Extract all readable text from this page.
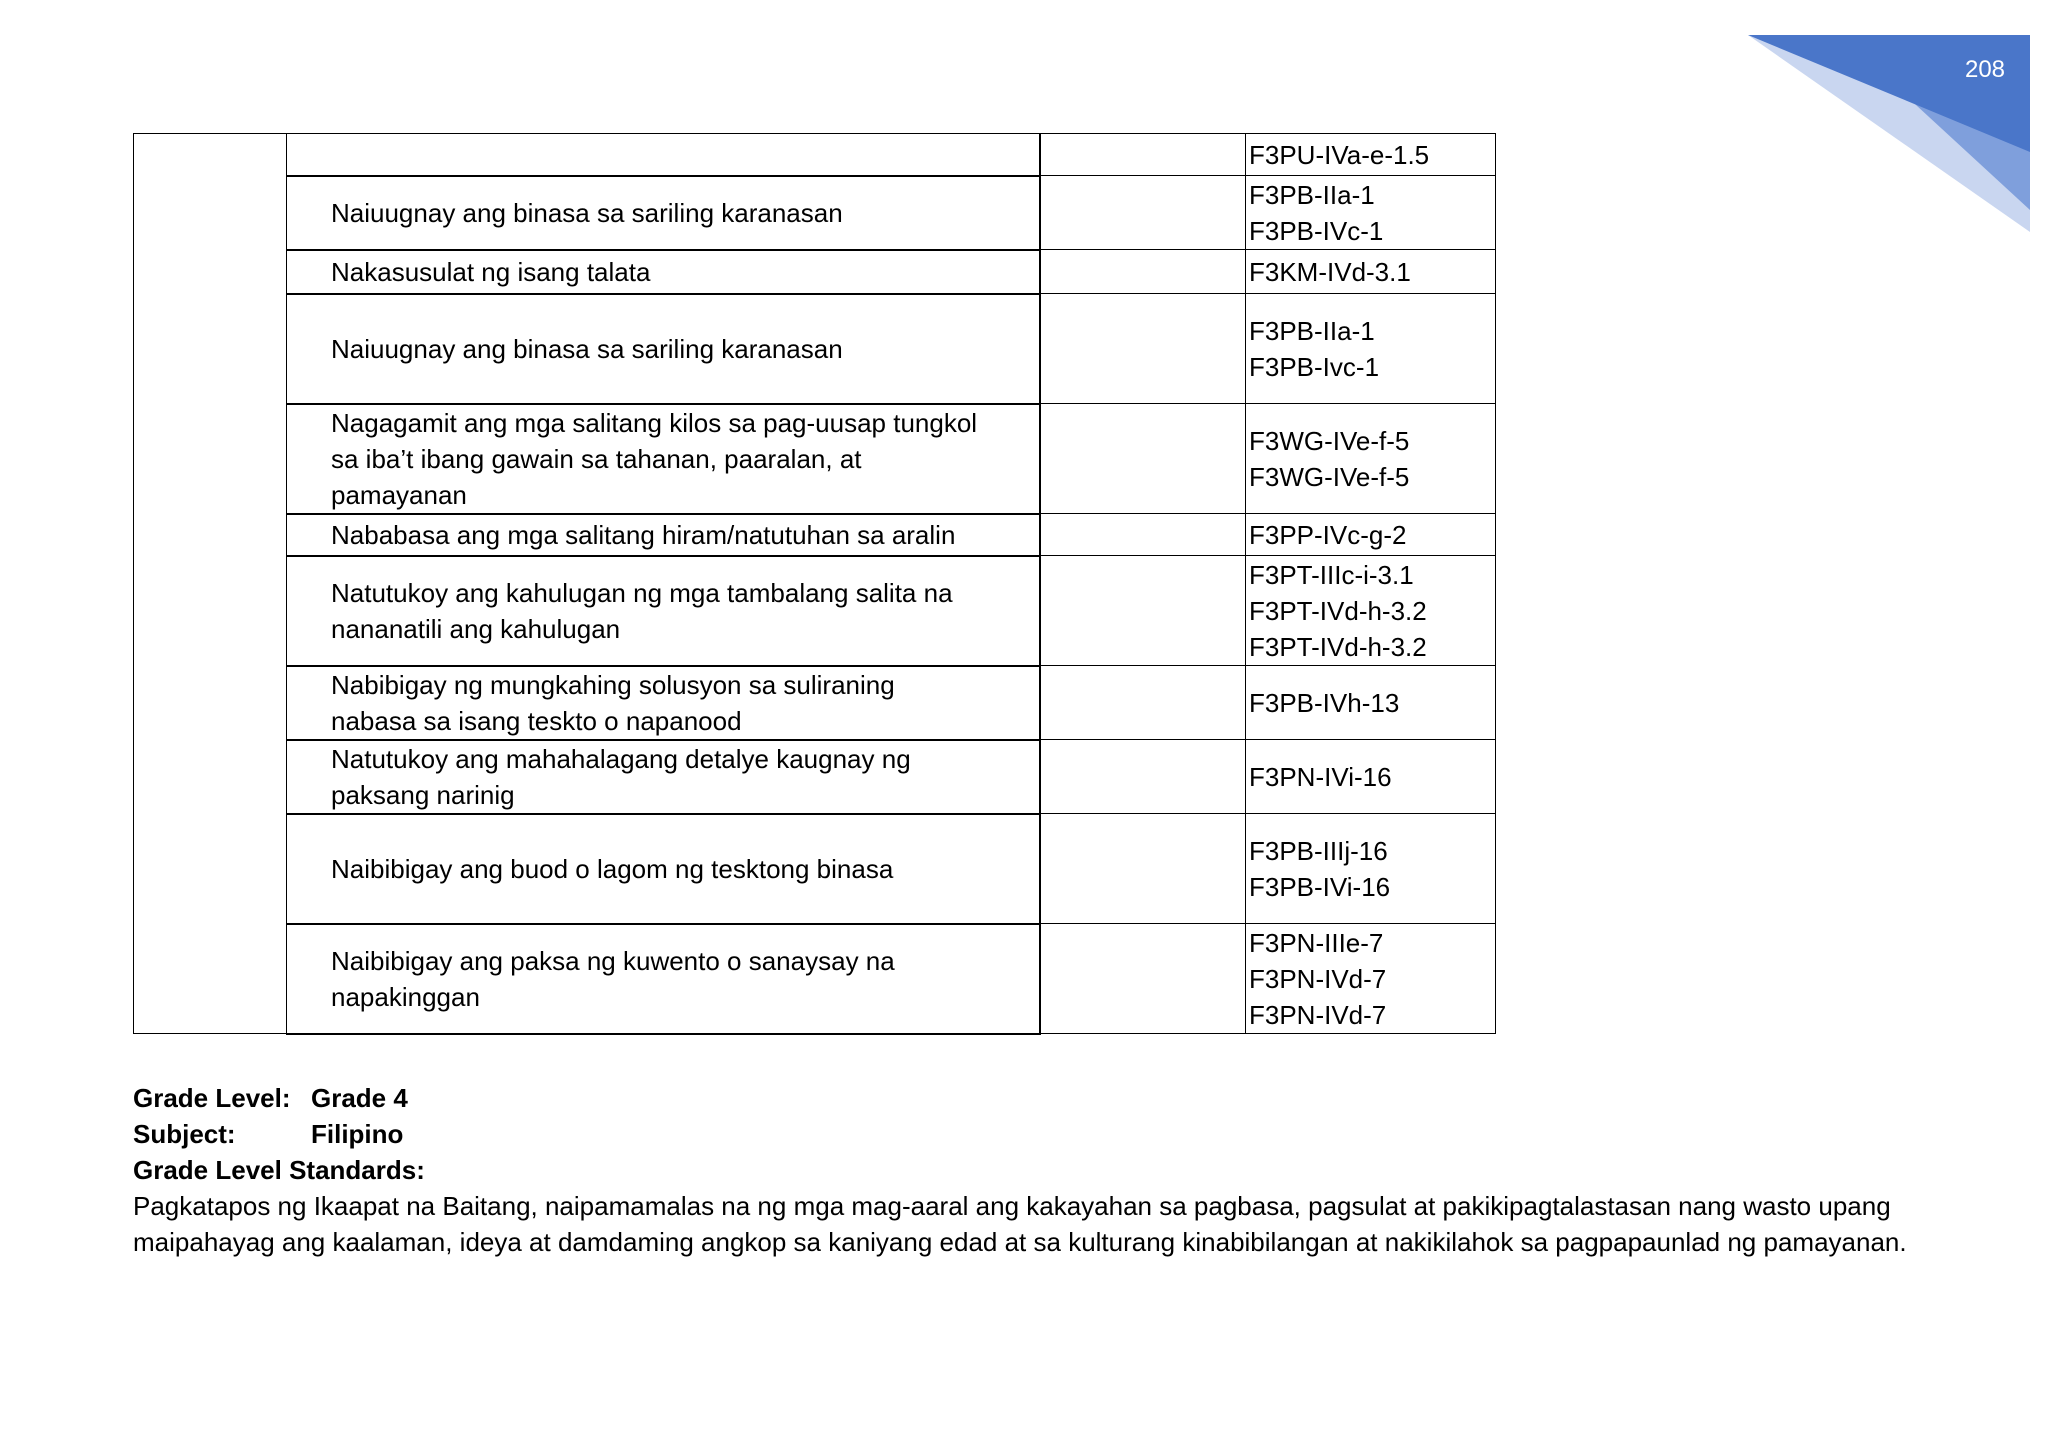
208
			F3PU-IVa-e-1.5
	Naiuugnay ang binasa sa sariling karanasan		F3PB-IIa-1
F3PB-IVc-1
	Nakasusulat ng isang talata		F3KM-IVd-3.1
	Naiuugnay ang binasa sa sariling karanasan		F3PB-IIa-1
F3PB-Ivc-1
	Nagagamit ang mga salitang kilos sa pag-uusap tungkol
sa iba’t ibang gawain sa tahanan, paaralan, at
pamayanan		F3WG-IVe-f-5
F3WG-IVe-f-5
	Nababasa ang mga salitang hiram/natutuhan sa aralin		F3PP-IVc-g-2
	Natutukoy ang kahulugan ng mga tambalang salita na
nananatili ang kahulugan		F3PT-IIIc-i-3.1
F3PT-IVd-h-3.2
F3PT-IVd-h-3.2
	Nabibigay ng mungkahing solusyon sa suliraning
nabasa sa isang teskto o napanood		F3PB-IVh-13
	Natutukoy ang mahahalagang detalye kaugnay ng
paksang narinig		F3PN-IVi-16
	Naibibigay ang buod o lagom ng tesktong binasa		F3PB-IIIj-16
F3PB-IVi-16
	Naibibigay ang paksa ng kuwento o sanaysay na
napakinggan		F3PN-IIIe-7
F3PN-IVd-7
F3PN-IVd-7
Grade Level: Grade 4
Subject:	Filipino
Grade Level Standards:

Pagkatapos ng Ikaapat na Baitang, naipamamalas na ng mga mag-aaral ang kakayahan sa pagbasa, pagsulat at pakikipagtalastasan nang wasto upang maipahayag ang kaalaman, ideya at damdaming angkop sa kaniyang edad at sa kulturang kinabibilangan at nakikilahok sa pagpapaunlad ng pamayanan.
